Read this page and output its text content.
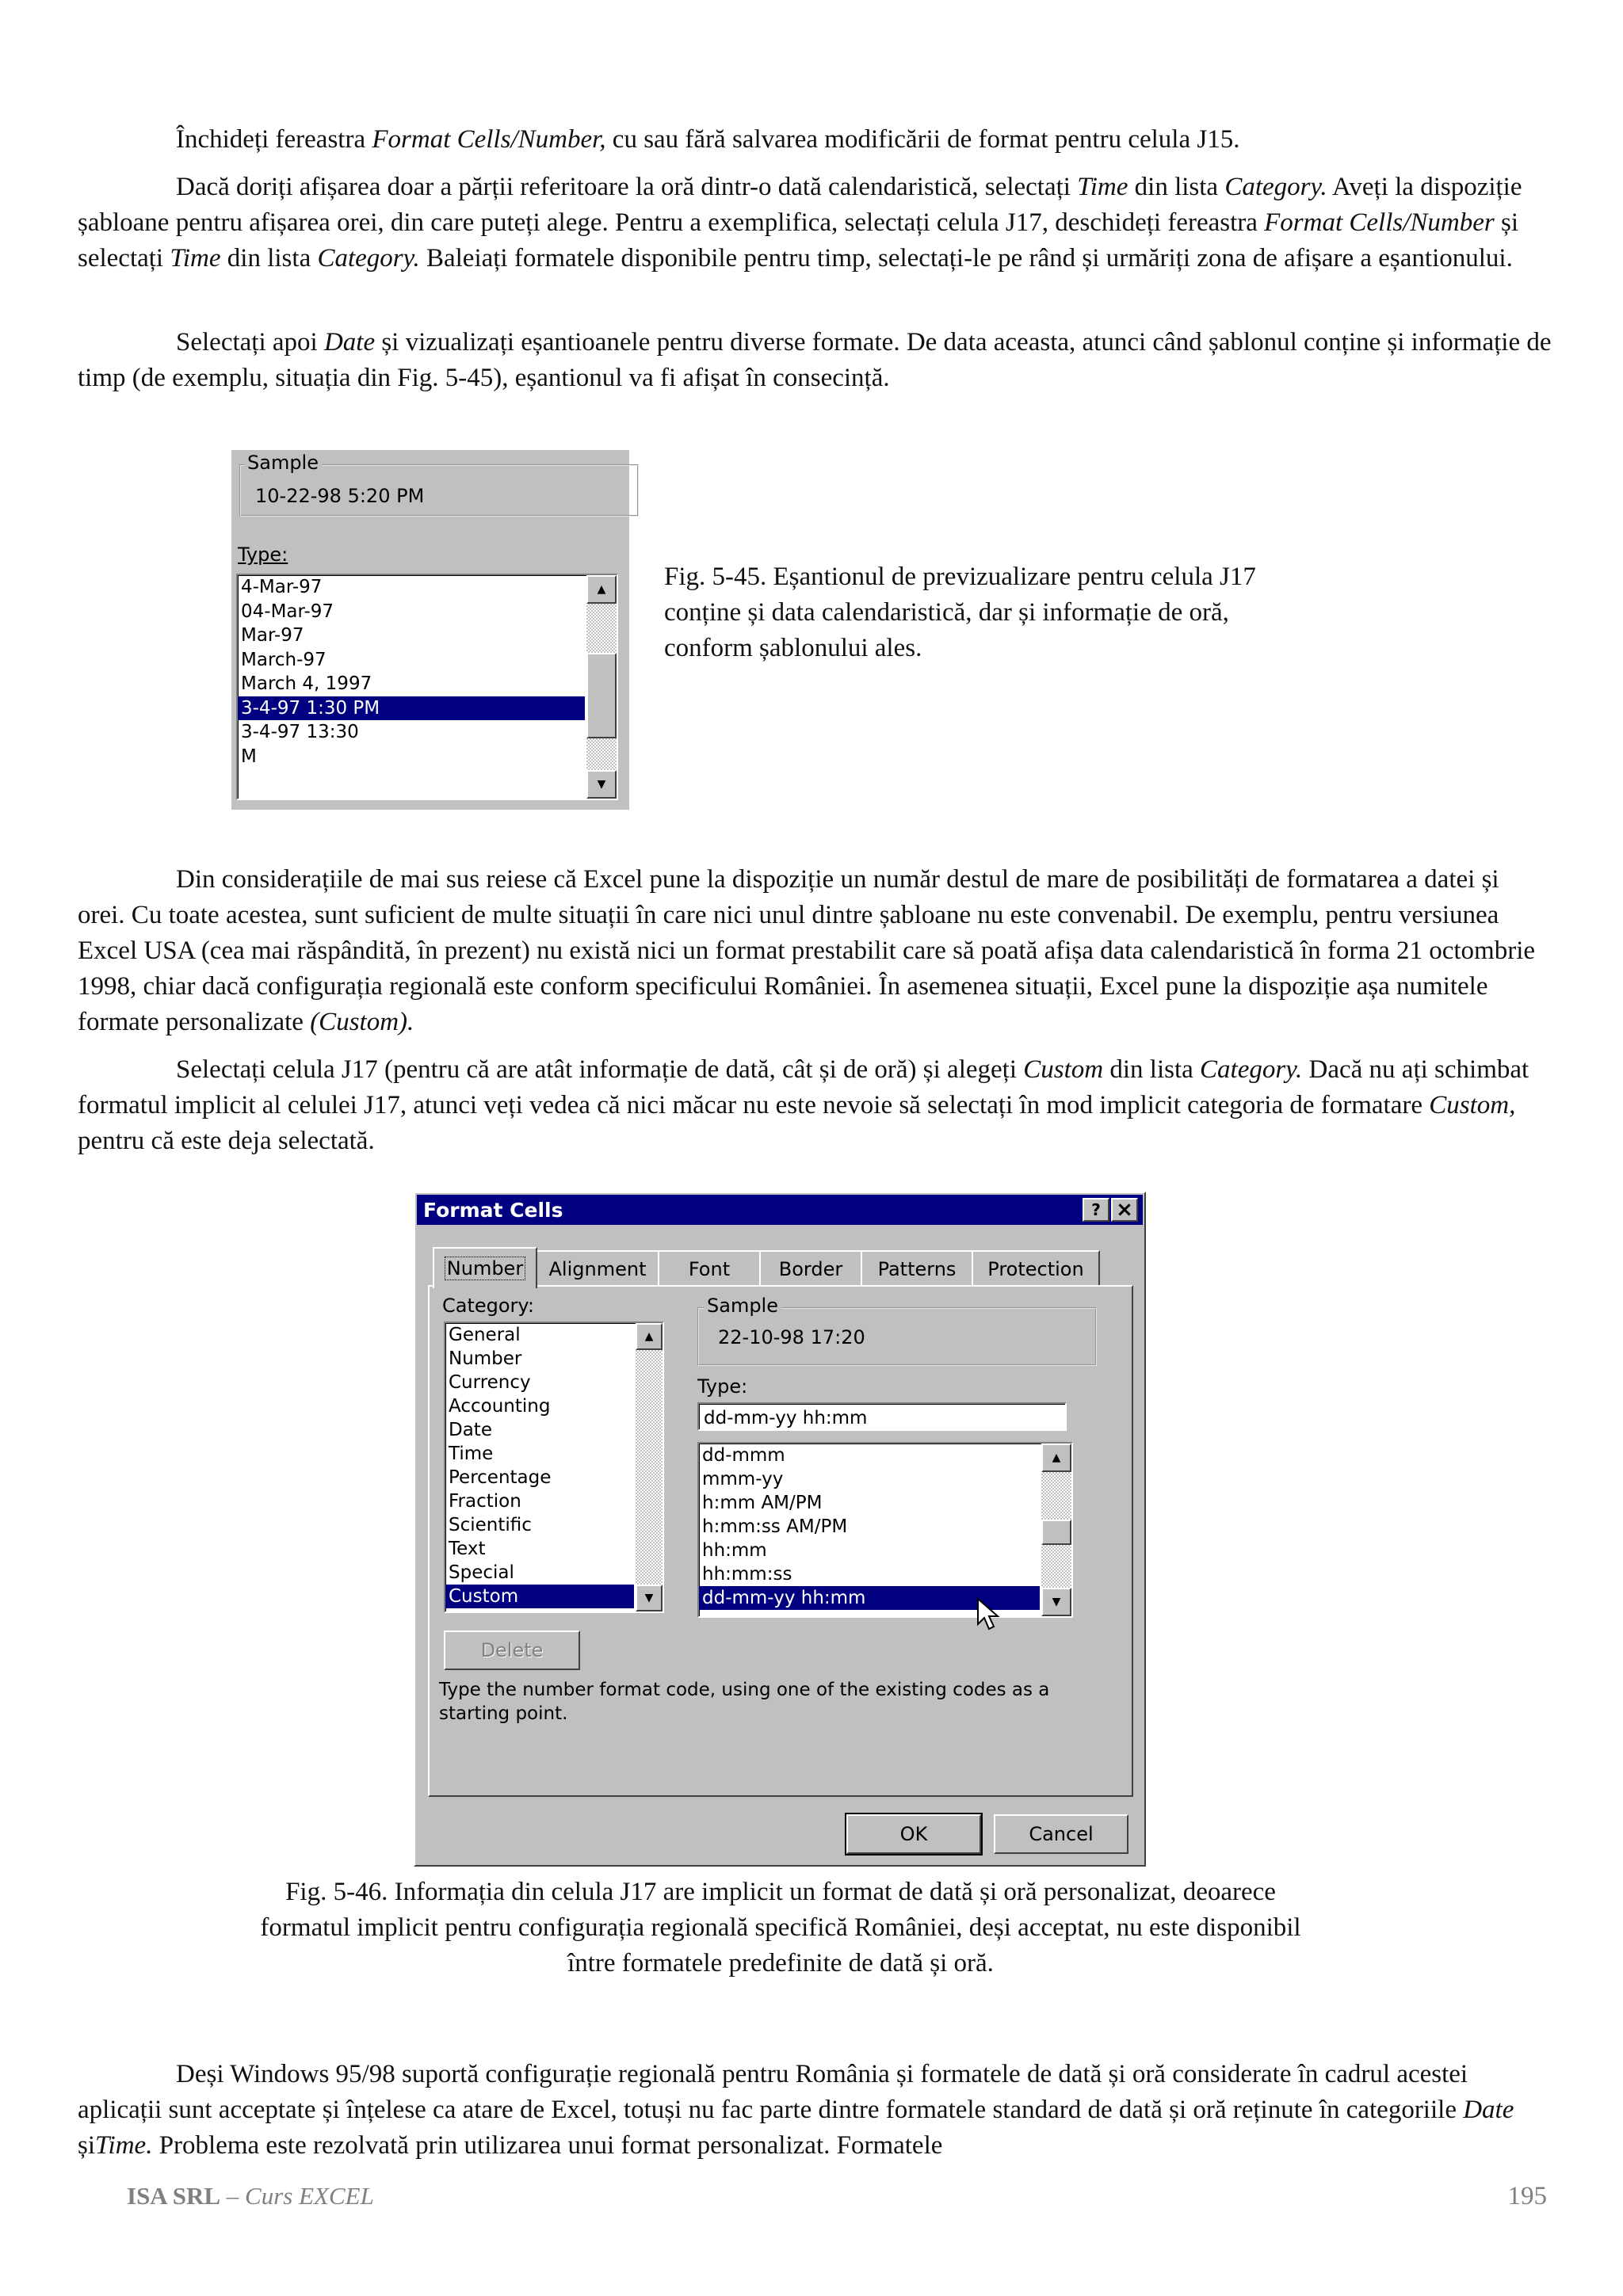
Închideți fereastra Format Cells/Number, cu sau fără salvarea modificării de format pentru celula J15.

Dacă doriți afișarea doar a părții referitoare la oră dintr-o dată calendaristică, selectați Time din lista Category. Aveți la dispoziție șabloane pentru afișarea orei, din care puteți alege. Pentru a exemplifica, selectați celula J17, deschideți fereastra Format Cells/Number și selectați Time din lista Category. Baleiați formatele disponibile pentru timp, selectați-le pe rând și urmăriți zona de afișare a eșantionului.

Selectați apoi Date și vizualizați eșantioanele pentru diverse formate. De data aceasta, atunci când șablonul conține și informație de timp (de exemplu, situația din Fig. 5-45), eșantionul va fi afișat în consecință.

Sample
10-22-98 5:20 PM
Type:
4-Mar-97
04-Mar-97
Mar-97
March-97
March 4, 1997
3-4-97 1:30 PM
3-4-97 13:30
M
▲
▼
Fig. 5-45. Eșantionul de previzualizare pentru celula J17 conține și data calendaristică, dar și informație de oră, conform șablonului ales.

Din considerațiile de mai sus reiese că Excel pune la dispoziție un număr destul de mare de posibilități de formatarea a datei și orei. Cu toate acestea, sunt suficient de multe situații în care nici unul dintre șabloane nu este convenabil. De exemplu, pentru versiunea Excel USA (cea mai răspândită, în prezent) nu există nici un format prestabilit care să poată afișa data calendaristică în forma 21 octombrie 1998, chiar dacă configurația regională este conform specificului României. În asemenea situații, Excel pune la dispoziție așa numitele formate personalizate (Custom).

Selectați celula J17 (pentru că are atât informație de dată, cât și de oră) și alegeți Custom din lista Category. Dacă nu ați schimbat formatul implicit al celulei J17, atunci veți vedea că nici măcar nu este nevoie să selectați în mod implicit categoria de formatare Custom, pentru că este deja selectată.

Format Cells	? ×
Number Alignment Font	Border Patterns Protection
Category:
General
Number
Currency
Accounting
Date
Time
Percentage
Fraction
Scientific
Text
Special
Custom
▲
▼
Sample
22-10-98 17:20
Type:
dd-mm-yy hh:mm
dd-mmm
mmm-yy
h:mm AM/PM
h:mm:ss AM/PM
hh:mm
hh:mm:ss
dd-mm-yy hh:mm
▲
▼
Delete
Type the number format code, using one of the existing codes as a starting point.
OK	Cancel
Fig. 5-46. Informația din celula J17 are implicit un format de dată și oră personalizat, deoarece formatul implicit pentru configurația regională specifică României, deși acceptat, nu este disponibil între formatele predefinite de dată și oră.

Deși Windows 95/98 suportă configurație regională pentru România și formatele de dată și oră considerate în cadrul acestei aplicații sunt acceptate și înțelese ca atare de Excel, totuși nu fac parte dintre formatele standard de dată și oră reținute în categoriile Date șiTime. Problema este rezolvată prin utilizarea unui format personalizat. Formatele

ISA SRL – Curs EXCEL	195
